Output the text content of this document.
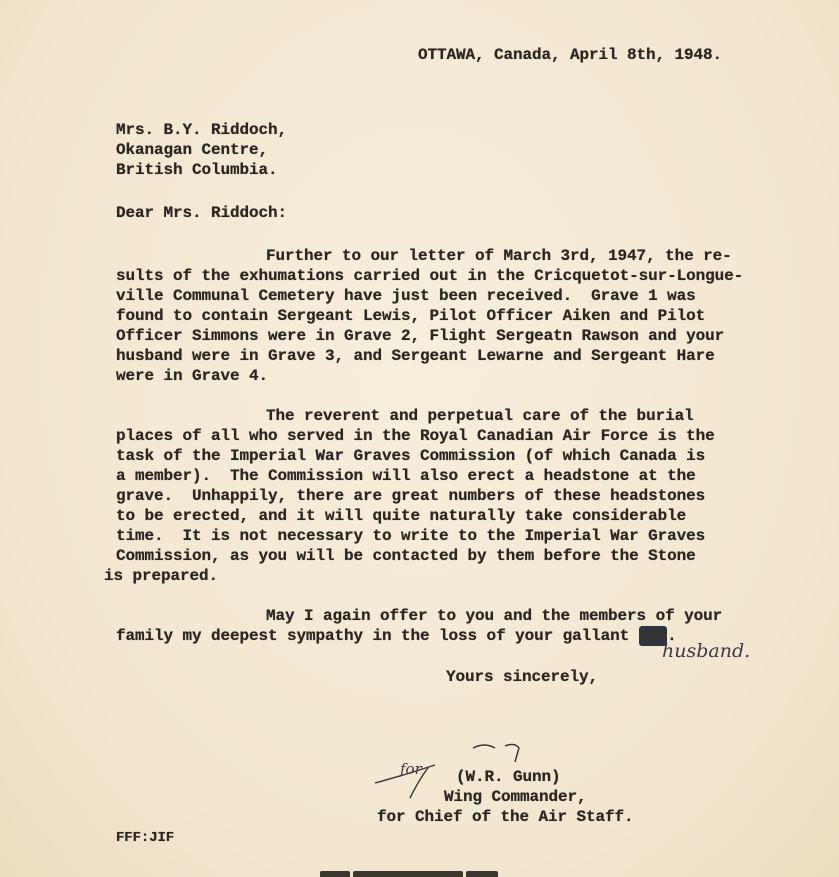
OTTAWA, Canada, April 8th, 1948.
Mrs. B.Y. Riddoch,
Okanagan Centre,
British Columbia.
Dear Mrs. Riddoch:
Further to our letter of March 3rd, 1947, the re-
sults of the exhumations carried out in the Cricquetot-sur-Longue-
ville Communal Cemetery have just been received.  Grave 1 was
found to contain Sergeant Lewis, Pilot Officer Aiken and Pilot
Officer Simmons were in Grave 2, Flight Sergeatn Rawson and your
husband were in Grave 3, and Sergeant Lewarne and Sergeant Hare
were in Grave 4.
The reverent and perpetual care of the burial
places of all who served in the Royal Canadian Air Force is the
task of the Imperial War Graves Commission (of which Canada is
a member).  The Commission will also erect a headstone at the
grave.  Unhappily, there are great numbers of these headstones
to be erected, and it will quite naturally take considerable
time.  It is not necessary to write to the Imperial War Graves
Commission, as you will be contacted by them before the Stone
is prepared.
May I again offer to you and the members of your
family my deepest sympathy in the loss of your gallant son.
husband.
Yours sincerely,
for (W.R. Gunn)
Wing Commander,
for Chief of the Air Staff.
FFF:JIF
